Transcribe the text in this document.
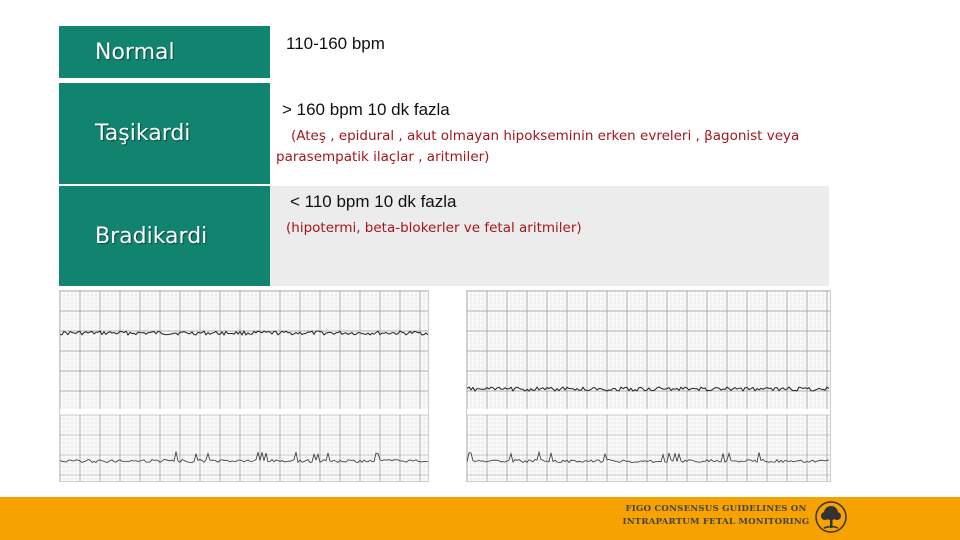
Normal	110-160 bpm
Taşikardi
> 160 bpm 10 dk fazla
(Ateş , epidural , akut olmayan hipokseminin erken evreleri , βagonist veya parasempatik ilaçlar , aritmiler)
Bradikardi
< 110 bpm 10 dk fazla
(hipotermi, beta-blokerler ve fetal aritmiler)
FIGO CONSENSUS GUIDELINES ON
INTRAPARTUM FETAL MONITORING
